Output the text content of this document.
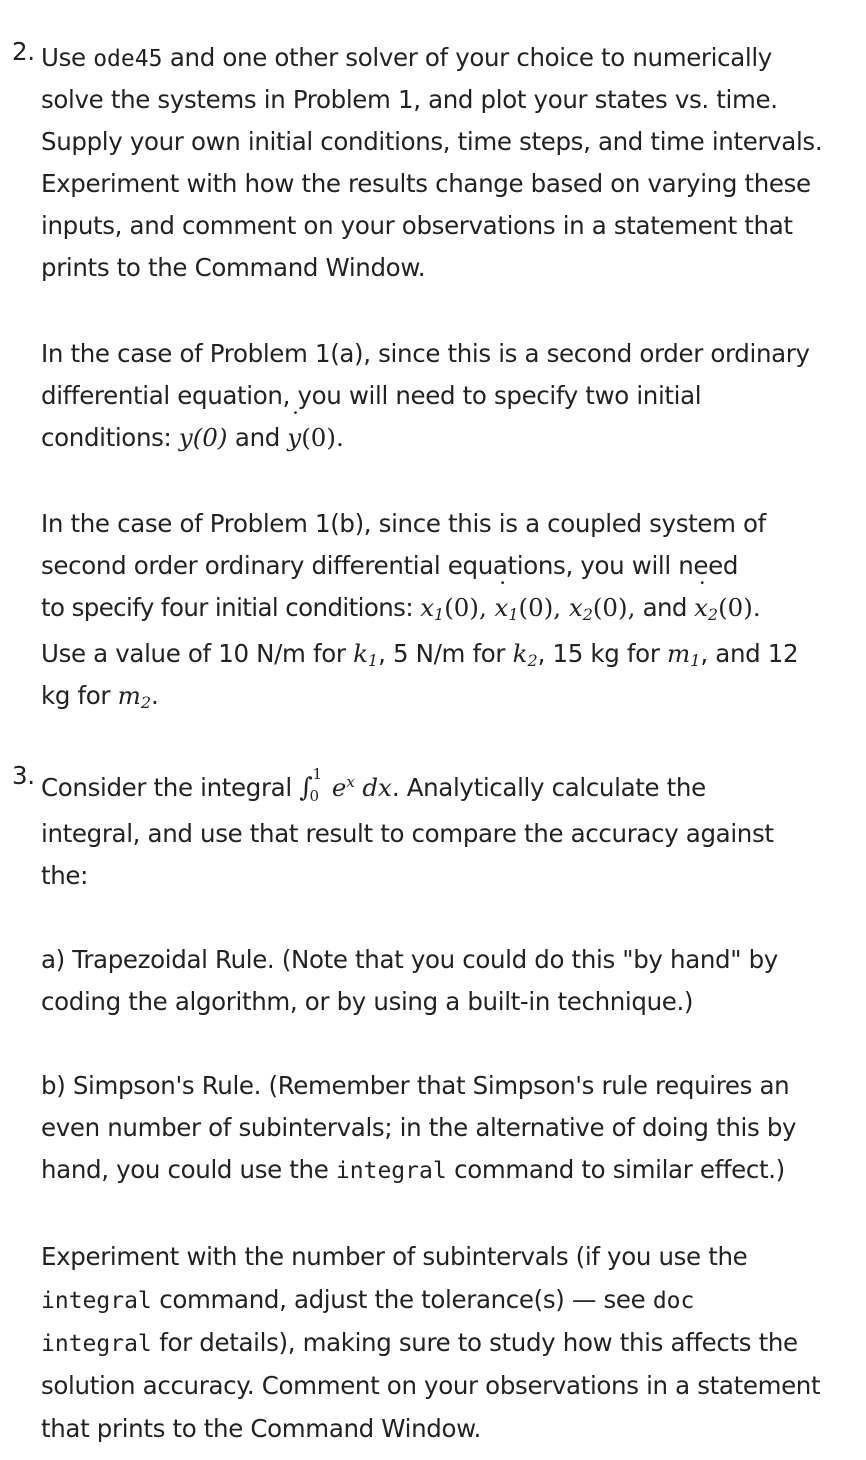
2. Use ode45 and one other solver of your choice to numerically
solve the systems in Problem 1, and plot your states vs. time.
Supply your own initial conditions, time steps, and time intervals.
Experiment with how the results change based on varying these
inputs, and comment on your observations in a statement that
prints to the Command Window.
In the case of Problem 1(a), since this is a second order ordinary
differential equation, you will need to specify two initial
conditions: y(0) and ˙ y(0).
In the case of Problem 1(b), since this is a coupled system of
second order ordinary differential equations, you will need
to specify four initial conditions: $x_1(0)$, ˙ $x_1(0)$, $x_2(0)$, and ˙ $x_2(0)$.
Use a value of 10 N/m for $k_1$, 5 N/m for $k_2$, 15 kg for $m_1$, and 12
kg for $m_2$.
3. Consider the integral ∫ 1
0 $e^x$ dx. Analytically calculate the
integral, and use that result to compare the accuracy against
the:
a) Trapezoidal Rule. (Note that you could do this "by hand" by
coding the algorithm, or by using a built-in technique.)
b) Simpson's Rule. (Remember that Simpson's rule requires an
even number of subintervals; in the alternative of doing this by
hand, you could use the integral command to similar effect.)
Experiment with the number of subintervals (if you use the
integral command, adjust the tolerance(s) — see doc
integral for details), making sure to study how this affects the
solution accuracy. Comment on your observations in a statement
that prints to the Command Window.
